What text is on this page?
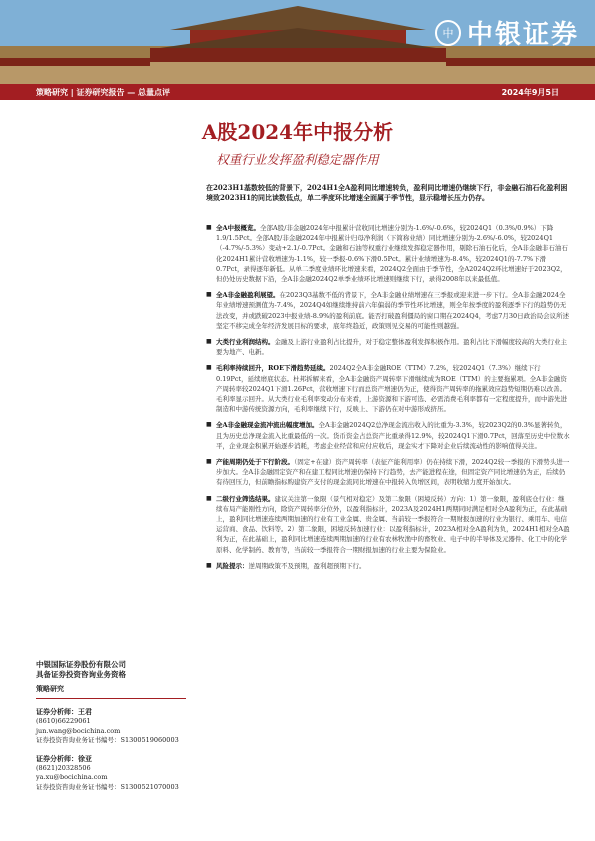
中 中银证券
策略研究 | 证券研究报告 — 总量点评	2024年9月5日
A股2024年中报分析
权重行业发挥盈利稳定器作用
在2023H1基数较低的背景下，2024H1全A盈利同比增速转负，盈利同比增速仍继续下行，非金融石油石化盈利困境致2023H1的同比读数低点，单二季度环比增速全面属于季节性，显示稳增长压力仍存。
■ 全A中报概览。全部A股/非金融2024年中报累计营收同比增速分别为-1.6%/-0.6%，较2024Q1（0.3%/0.9%）下降1.9/1.5Pct。全部A股/非金融2024年中报累计归母净利润（下简称业绩）同比增速分别为-2.6%/-6.0%，较2024Q1（-4.7%/-5.3%）变动+2.1/-0.7Pct。金融和石油等权重行业继续发挥稳定器作用，剔除石油石化后，全A非金融非石油石化2024H1累计营收增速为-1.1%，较一季报-0.6%下滑0.5Pct。累计业绩增速为-8.4%，较2024Q1的-7.7%下滑0.7Pct，录得逐年新低。从单二季度业绩环比增速来看，2024Q2全面由于季节性，全A2024Q2环比增速好于2023Q2，但仍处历史数据下沿，全A非金融2024Q2单季业绩环比增速则继续下行，录得2008年以来最低值。
■ 全A非金融盈利展望。在2023Q3基数不低的背景下，全A非金融业绩增速在三季报或迎来进一步下行。全A非金融2024全年业绩增速预测值为-7.4%，2024Q4如继续维持前六年偏弱的季节性环比增速，则全年按季度的盈利逐季下行的趋势仍无法改变，并或跌破2023中报业绩-8.9%的盈利前底。能否打破盈利僵局的窗口期在2024Q4，考虑7月30日政治局会议所述坚定不移完成全年经济发展目标的要求，底年终趋近，政策则见交易的可能性则越强。
■ 大类行业利润结构。金融及上游行业盈利占比提升，对于稳定整体盈利发挥积极作用。盈利占比下滑幅度较高的大类行业主要为地产、电新。
■ 毛利率持续回升，ROE下滑趋势延续。2024Q2全A非金融ROE（TTM）7.2%，较2024Q1（7.3%）继续下行0.19Pct，延续磨底状态。杜邦拆解来看，全A非金融资产周转率下滑继续成为ROE（TTM）的主要拖累项。全A非金融资产周转率较2024Q1下滑1.26Pct，营收增速下行而总资产增速仍为正，使得资产周转率的拖累效应趋势短期仍难以改善。毛利率显示回升。从大类行业毛利率变动分布来看，上游资源和下游可选、必需消费毛利率都有一定程度提升，而中游先进制造和中游传统资源方向，毛利率继续下行，反映上、下游仍在对中游形成挤压。
■ 全A非金融现金流冲流出幅度增加。全A非金融2024Q2总净现金流出收入的比重为-3.3%，较2023Q2的0.3%显著转负，且为历史总净现金流入比重最低的一次。货币资金占总资产比重录得12.9%，较2024Q1下滑0.7Pct，回落至历史中位数水平，企业现金积累开始逐步消耗，考虑企业经营和应付应收后，现金实才下降对企业后续流动性的影响值得关注。
■ 产能周期仍处于下行阶段。（固定+在建）资产周转率（表征产能利用率）仍在持续下滑，2024Q2较一季报的下滑势头进一步加大。全A非金融固定资产和在建工程同比增速仍保持下行趋势，去产能进程在途，但固定资产同比增速仍为正，后续仍有待回压力，但前瞻指标购建资产支付的现金流同比增速在中报转入负增区间，表明收缩力度开始加大。
■ 二级行业筛选结果。建议关注第一象限（景气相对稳定）及第二象限（困境反转）方向：1）第一象限，盈利底仓行业：继续布局产能刚性方向，除资产周转率分位外，以盈利指标计，2023A及2024H1两期同时满足相对全A盈利为正，在此基础上，盈利同比增速连续两期加速的行业有工业金属、贵金属、当前较一季报符合一期财报加速的行业为银行、乘用车、电信运营商、食品、饮料等。2）第二象限，困境反转加速行业：以盈利指标计，2023A相对全A盈利为负，2024H1相对全A盈利为正，在此基础上，盈利同比增速连续两期加速的行业有农林牧渔中的畜牧业、电子中的半导体及元器件、化工中的化学原料、化学制药、教育等，当前较一季报符合一期财报加速的行业主要为保险业。
■ 风险提示：逆周期政策不及预期，盈利超预期下行。
中银国际证券股份有限公司
具备证券投资咨询业务资格
策略研究
证券分析师：王君
(8610)66229061
jun.wang@bocichina.com
证券投资咨询业务证书编号：S1300519060003
证券分析师：徐亚
(8621)20328506
ya.xu@bocichina.com
证券投资咨询业务证书编号：S1300521070003
